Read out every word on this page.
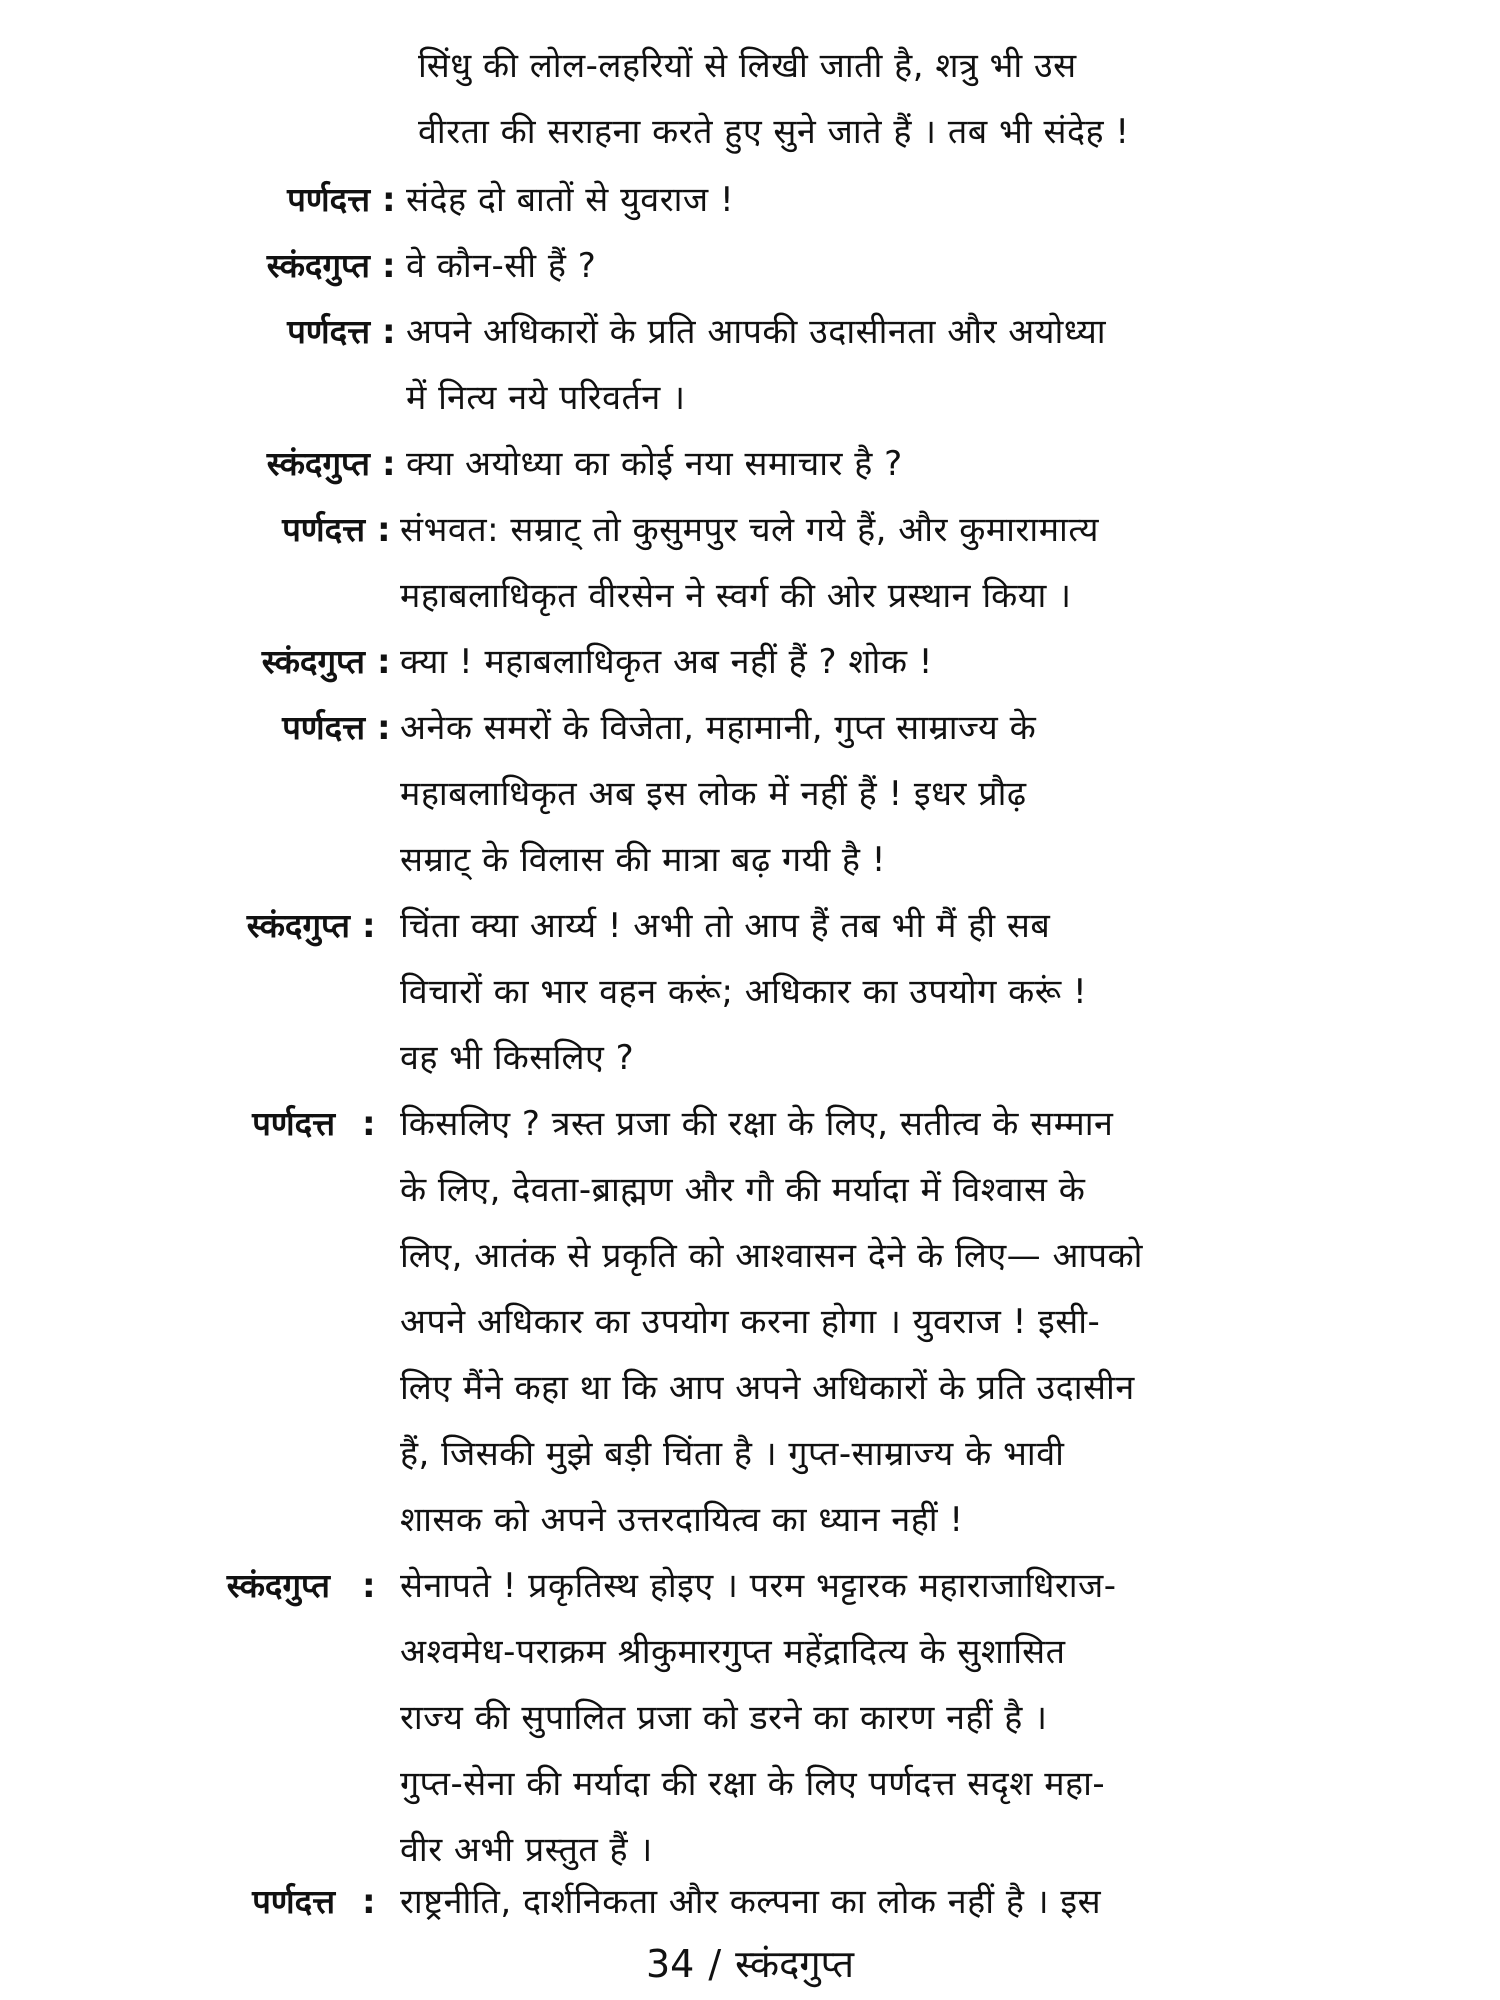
सिंधु की लोल-लहरियों से लिखी जाती है, शत्रु भी उस
वीरता की सराहना करते हुए सुने जाते हैं । तब भी संदेह !
पर्णदत्त : संदेह दो बातों से युवराज !
स्कंदगुप्त : वे कौन-सी हैं ?
पर्णदत्त : अपने अधिकारों के प्रति आपकी उदासीनता और अयोध्या
में नित्य नये परिवर्तन ।
स्कंदगुप्त : क्या अयोध्या का कोई नया समाचार है ?
पर्णदत्त : संभवत: सम्राट् तो कुसुमपुर चले गये हैं, और कुमारामात्य
महाबलाधिकृत वीरसेन ने स्वर्ग की ओर प्रस्थान किया ।
स्कंदगुप्त : क्या ! महाबलाधिकृत अब नहीं हैं ? शोक !
पर्णदत्त : अनेक समरों के विजेता, महामानी, गुप्त साम्राज्य के
महाबलाधिकृत अब इस लोक में नहीं हैं ! इधर प्रौढ़
सम्राट् के विलास की मात्रा बढ़ गयी है !
स्कंदगुप्त : चिंता क्या आर्य्य ! अभी तो आप हैं तब भी मैं ही सब
विचारों का भार वहन करूं; अधिकार का उपयोग करूं !
वह भी किसलिए ?
पर्णदत्त : किसलिए ? त्रस्त प्रजा की रक्षा के लिए, सतीत्व के सम्मान
के लिए, देवता-ब्राह्मण और गौ की मर्यादा में विश्वास के
लिए, आतंक से प्रकृति को आश्वासन देने के लिए— आपको
अपने अधिकार का उपयोग करना होगा । युवराज ! इसी-
लिए मैंने कहा था कि आप अपने अधिकारों के प्रति उदासीन
हैं, जिसकी मुझे बड़ी चिंता है । गुप्त-साम्राज्य के भावी
शासक को अपने उत्तरदायित्व का ध्यान नहीं !
स्कंदगुप्त : सेनापते ! प्रकृतिस्थ होइए । परम भट्टारक महाराजाधिराज-
अश्वमेध-पराक्रम श्रीकुमारगुप्त महेंद्रादित्य के सुशासित
राज्य की सुपालित प्रजा को डरने का कारण नहीं है ।
गुप्त-सेना की मर्यादा की रक्षा के लिए पर्णदत्त सदृश महा-
वीर अभी प्रस्तुत हैं ।
पर्णदत्त : राष्ट्रनीति, दार्शनिकता और कल्पना का लोक नहीं है । इस
34 / स्कंदगुप्त
